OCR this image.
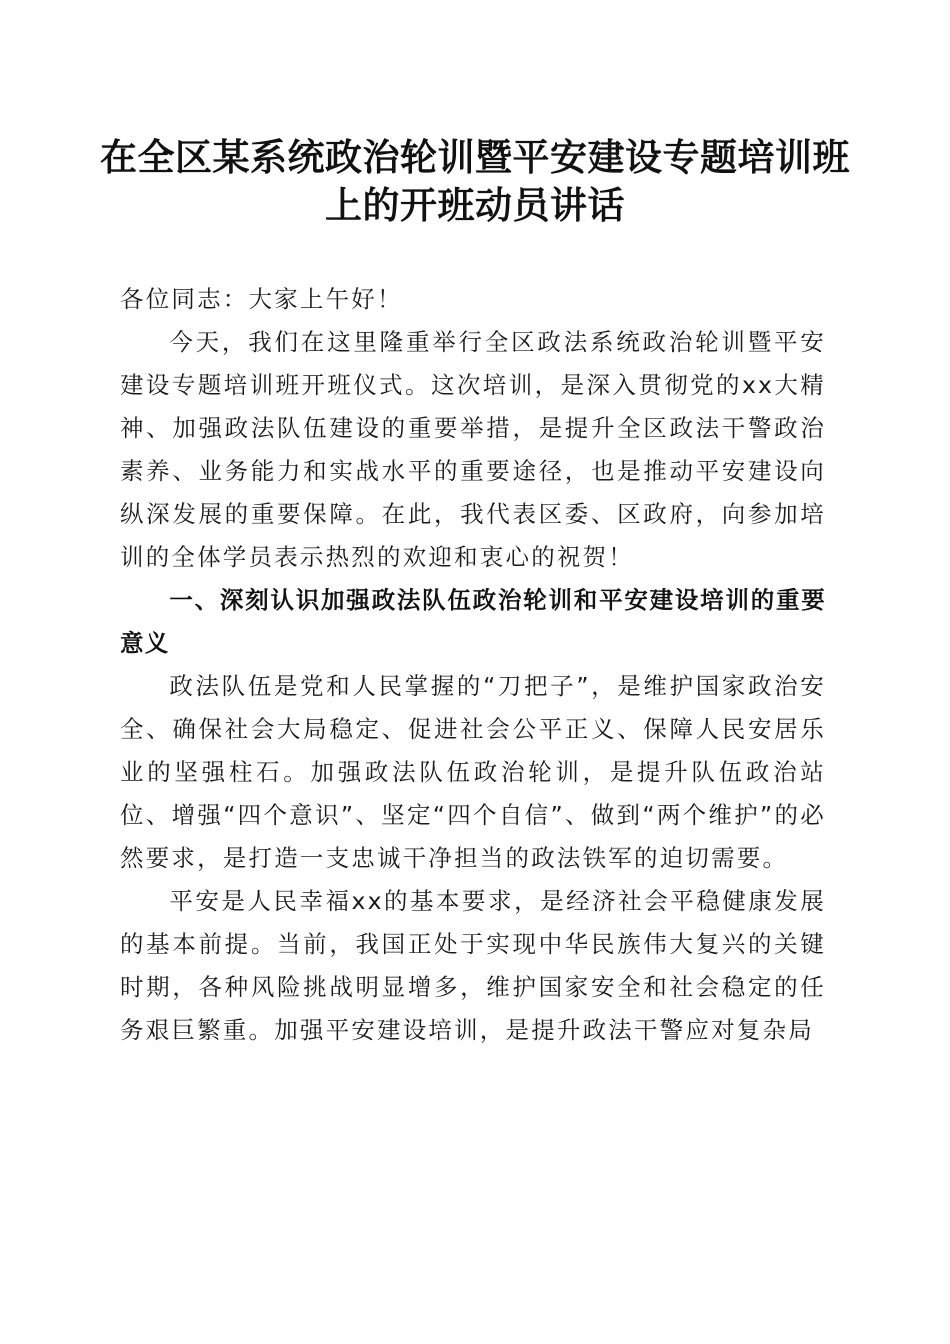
在全区某系统政治轮训暨平安建设专题培训班
上的开班动员讲话

各位同志：大家上午好！

今天，我们在这里隆重举行全区政法系统政治轮训暨平安建设专题培训班开班仪式。这次培训，是深入贯彻党的xx大精神、加强政法队伍建设的重要举措，是提升全区政法干警政治素养、业务能力和实战水平的重要途径，也是推动平安建设向纵深发展的重要保障。在此，我代表区委、区政府，向参加培训的全体学员表示热烈的欢迎和衷心的祝贺！

一、深刻认识加强政法队伍政治轮训和平安建设培训的重要意义

政法队伍是党和人民掌握的“刀把子”，是维护国家政治安全、确保社会大局稳定、促进社会公平正义、保障人民安居乐业的坚强柱石。加强政法队伍政治轮训，是提升队伍政治站位、增强“四个意识”、坚定“四个自信”、做到“两个维护”的必然要求，是打造一支忠诚干净担当的政法铁军的迫切需要。

平安是人民幸福xx的基本要求，是经济社会平稳健康发展的基本前提。当前，我国正处于实现中华民族伟大复兴的关键时期，各种风险挑战明显增多，维护国家安全和社会稳定的任务艰巨繁重。加强平安建设培训，是提升政法干警应对复杂局
